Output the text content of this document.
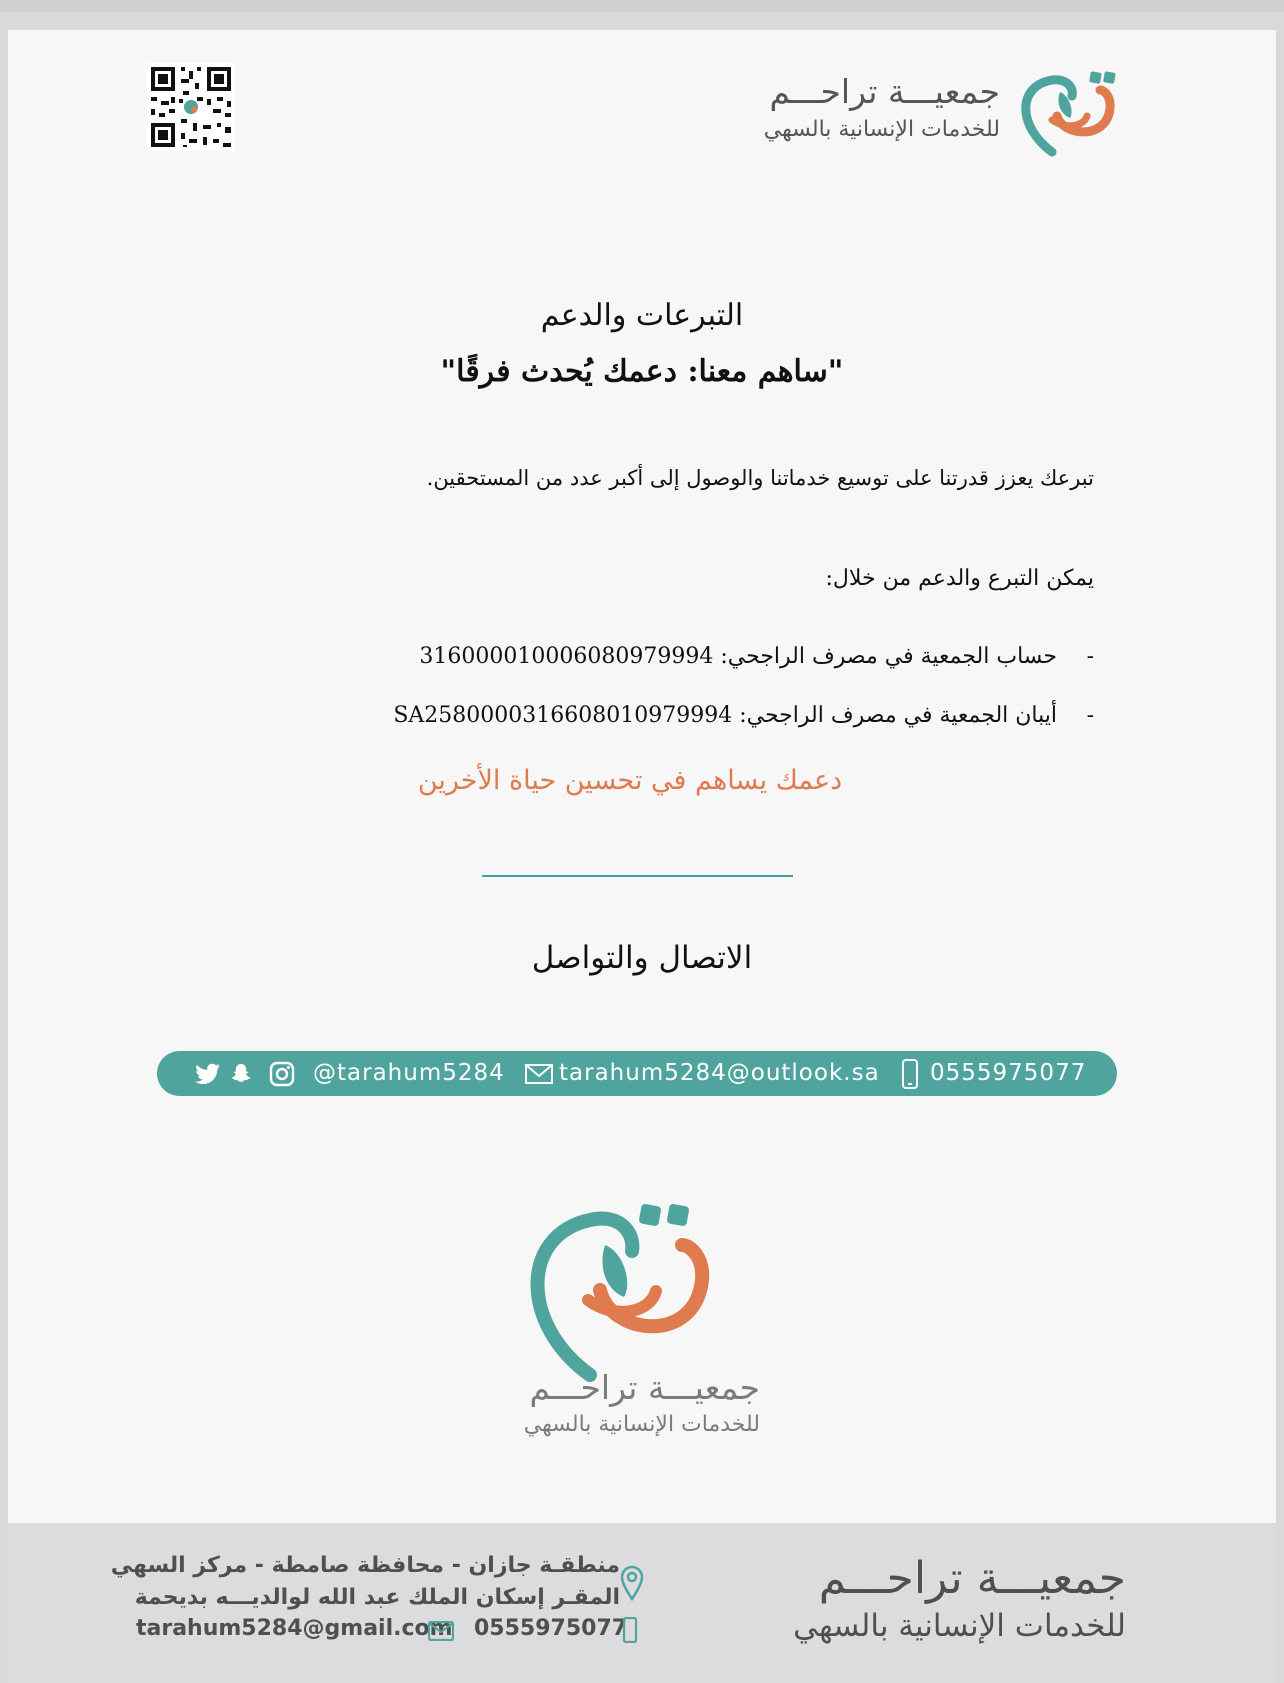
جمعيـــة تراحـــم
للخدمات الإنسانية بالسهي
التبرعات والدعم
"ساهم معنا: دعمك يُحدث فرقًا"
تبرعك يعزز قدرتنا على توسيع خدماتنا والوصول إلى أكبر عدد من المستحقين.
يمكن التبرع والدعم من خلال:
- حساب الجمعية في مصرف الراجحي: 316000010006080979994
- أيبان الجمعية في مصرف الراجحي: SA2580000316608010979994
دعمك يساهم في تحسين حياة الأخرين
الاتصال والتواصل
@tarahum5284 tarahum5284@outlook.sa 0555975077
جمعيـــة تراحـــم
للخدمات الإنسانية بالسهي
جمعيـــة تراحـــم
للخدمات الإنسانية بالسهي
منطقـة جازان - محافظة صامطة - مركز السهي
المقـر إسكان الملك عبد الله لوالديـــه بديحمة
tarahum5284@gmail.com 0555975077
